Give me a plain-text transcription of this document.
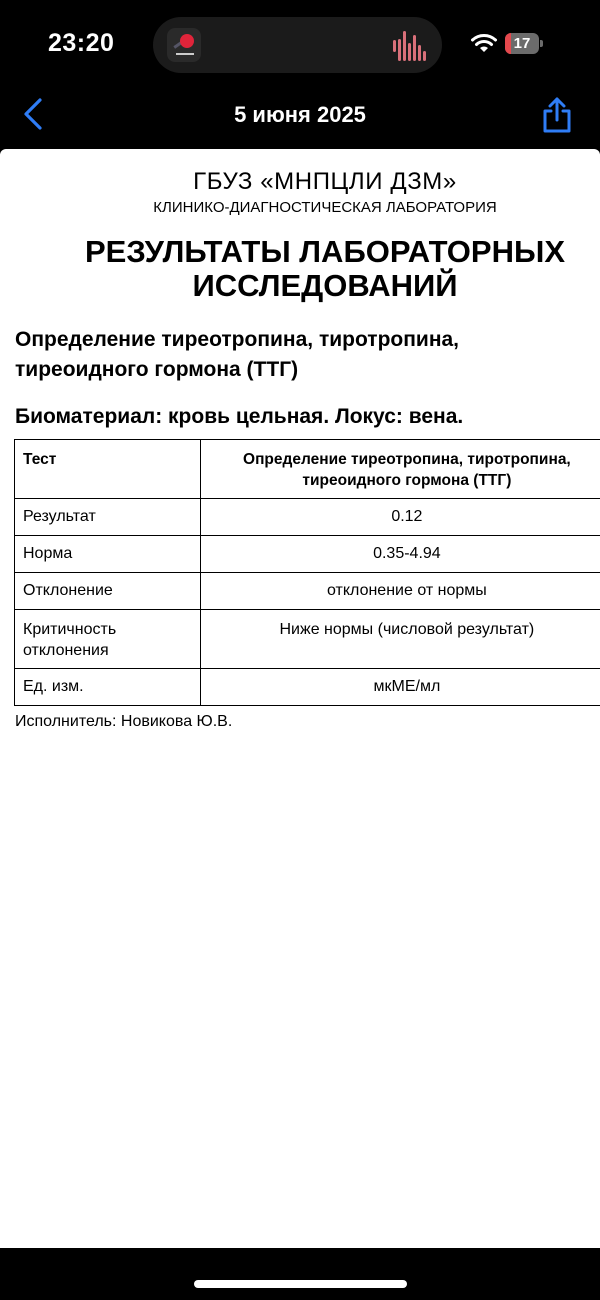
23:20	17
5 июня 2025
ГБУЗ «МНПЦЛИ ДЗМ»
КЛИНИКО-ДИАГНОСТИЧЕСКАЯ ЛАБОРАТОРИЯ
РЕЗУЛЬТАТЫ ЛАБОРАТОРНЫХ
ИССЛЕДОВАНИЙ
Определение тиреотропина, тиротропина, тиреоидного гормона (ТТГ)
Биоматериал: кровь цельная. Локус: вена.
Тест	Определение тиреотропина, тиротропина, тиреоидного гормона (ТТГ)
Результат	0.12
Норма	0.35-4.94
Отклонение	отклонение от нормы
Критичность отклонения	Ниже нормы (числовой результат)
Ед. изм.	мкМЕ/мл
Исполнитель: Новикова Ю.В.
